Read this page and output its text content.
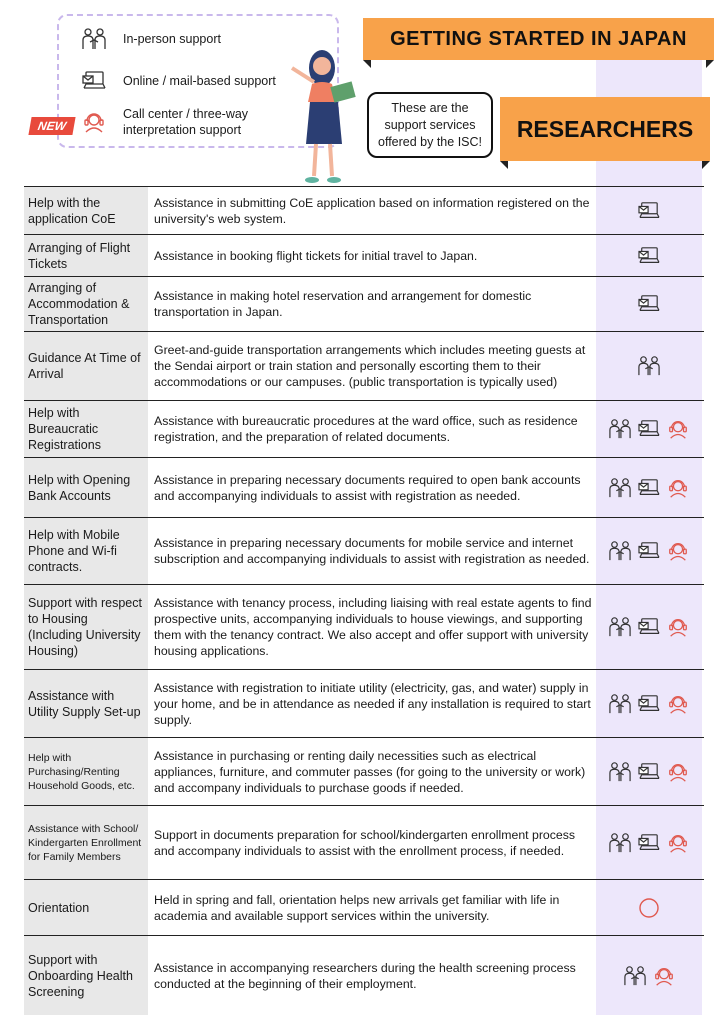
In-person support
Online / mail-based support
Call center / three-way interpretation support
NEW
GETTING STARTED IN JAPAN
RESEARCHERS
These are the support services offered by the ISC!
Help with the application CoE
Assistance in submitting CoE application based on information registered on the university's web system.
Arranging of Flight Tickets
Assistance in booking flight tickets for initial travel to Japan.
Arranging of Accommodation & Transportation
Assistance in making hotel reservation and arrangement for domestic transportation in Japan.
Guidance At Time of Arrival
Greet-and-guide transportation arrangements which includes meeting guests at the Sendai airport or train station and personally escorting them to their accommodations or our campuses. (public transportation is typically used)
Help with Bureaucratic Registrations
Assistance with bureaucratic procedures at the ward office, such as residence registration, and the preparation of related documents.
Help with Opening Bank Accounts
Assistance in preparing necessary documents required to open bank accounts and accompanying individuals to assist with registration as needed.
Help with Mobile Phone and Wi-fi contracts.
Assistance in preparing necessary documents for mobile service and internet subscription and accompanying individuals to assist with registration as needed.
Support with respect to Housing (Including University Housing)
Assistance with tenancy process, including liaising with real estate agents to find prospective units, accompanying individuals to house viewings, and supporting them with the tenancy contract. We also accept and offer support with university housing applications.
Assistance with Utility Supply Set-up
Assistance with registration to initiate utility (electricity, gas, and water) supply in your home, and be in attendance as needed if any installation is required to start supply.
Help with Purchasing/Renting Household Goods, etc.
Assistance in purchasing or renting daily necessities such as electrical appliances, furniture, and commuter passes (for going to the university or work) and accompany individuals to purchase goods if needed.
Assistance with School/ Kindergarten Enrollment for Family Members
Support in documents preparation for school/kindergarten enrollment process and accompany individuals to assist with the enrollment process, if needed.
Orientation
Held in spring and fall, orientation helps new arrivals get familiar with life in academia and available support services within the university.
Support with Onboarding Health Screening
Assistance in accompanying researchers during the health screening process conducted at the beginning of their employment.
